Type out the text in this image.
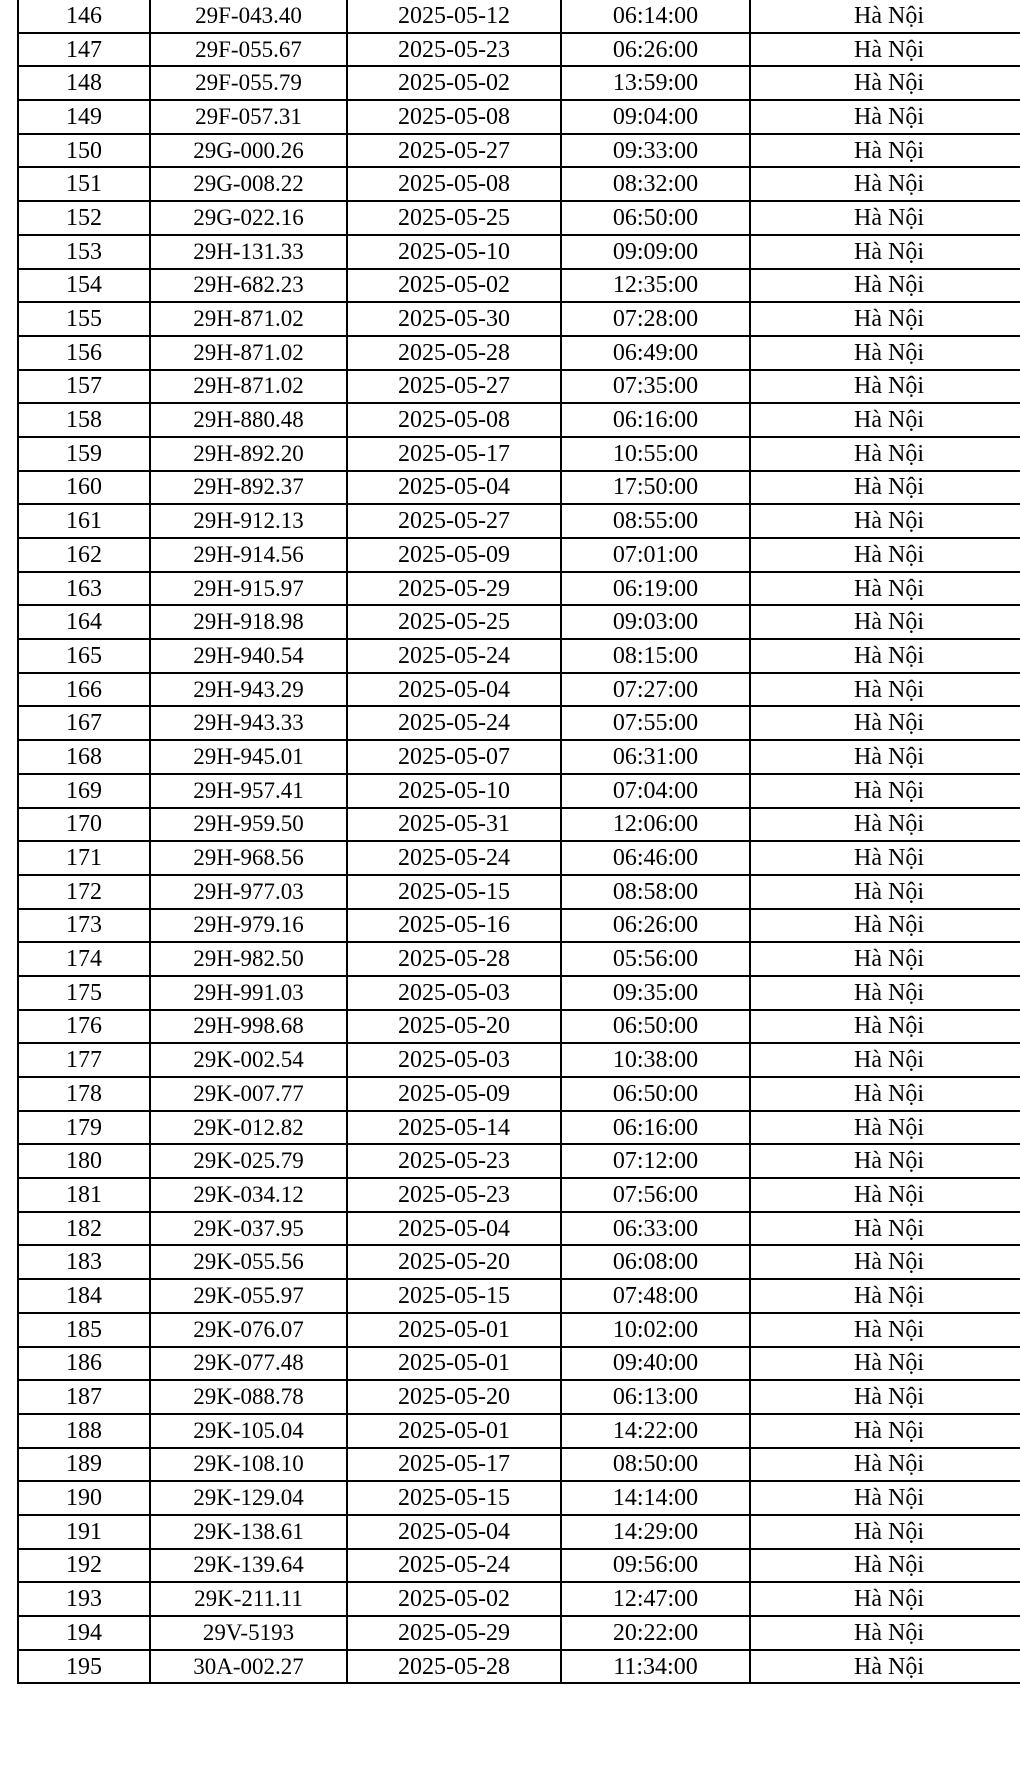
146	29F-043.40	2025-05-12	06:14:00	Hà Nội
147	29F-055.67	2025-05-23	06:26:00	Hà Nội
148	29F-055.79	2025-05-02	13:59:00	Hà Nội
149	29F-057.31	2025-05-08	09:04:00	Hà Nội
150	29G-000.26	2025-05-27	09:33:00	Hà Nội
151	29G-008.22	2025-05-08	08:32:00	Hà Nội
152	29G-022.16	2025-05-25	06:50:00	Hà Nội
153	29H-131.33	2025-05-10	09:09:00	Hà Nội
154	29H-682.23	2025-05-02	12:35:00	Hà Nội
155	29H-871.02	2025-05-30	07:28:00	Hà Nội
156	29H-871.02	2025-05-28	06:49:00	Hà Nội
157	29H-871.02	2025-05-27	07:35:00	Hà Nội
158	29H-880.48	2025-05-08	06:16:00	Hà Nội
159	29H-892.20	2025-05-17	10:55:00	Hà Nội
160	29H-892.37	2025-05-04	17:50:00	Hà Nội
161	29H-912.13	2025-05-27	08:55:00	Hà Nội
162	29H-914.56	2025-05-09	07:01:00	Hà Nội
163	29H-915.97	2025-05-29	06:19:00	Hà Nội
164	29H-918.98	2025-05-25	09:03:00	Hà Nội
165	29H-940.54	2025-05-24	08:15:00	Hà Nội
166	29H-943.29	2025-05-04	07:27:00	Hà Nội
167	29H-943.33	2025-05-24	07:55:00	Hà Nội
168	29H-945.01	2025-05-07	06:31:00	Hà Nội
169	29H-957.41	2025-05-10	07:04:00	Hà Nội
170	29H-959.50	2025-05-31	12:06:00	Hà Nội
171	29H-968.56	2025-05-24	06:46:00	Hà Nội
172	29H-977.03	2025-05-15	08:58:00	Hà Nội
173	29H-979.16	2025-05-16	06:26:00	Hà Nội
174	29H-982.50	2025-05-28	05:56:00	Hà Nội
175	29H-991.03	2025-05-03	09:35:00	Hà Nội
176	29H-998.68	2025-05-20	06:50:00	Hà Nội
177	29K-002.54	2025-05-03	10:38:00	Hà Nội
178	29K-007.77	2025-05-09	06:50:00	Hà Nội
179	29K-012.82	2025-05-14	06:16:00	Hà Nội
180	29K-025.79	2025-05-23	07:12:00	Hà Nội
181	29K-034.12	2025-05-23	07:56:00	Hà Nội
182	29K-037.95	2025-05-04	06:33:00	Hà Nội
183	29K-055.56	2025-05-20	06:08:00	Hà Nội
184	29K-055.97	2025-05-15	07:48:00	Hà Nội
185	29K-076.07	2025-05-01	10:02:00	Hà Nội
186	29K-077.48	2025-05-01	09:40:00	Hà Nội
187	29K-088.78	2025-05-20	06:13:00	Hà Nội
188	29K-105.04	2025-05-01	14:22:00	Hà Nội
189	29K-108.10	2025-05-17	08:50:00	Hà Nội
190	29K-129.04	2025-05-15	14:14:00	Hà Nội
191	29K-138.61	2025-05-04	14:29:00	Hà Nội
192	29K-139.64	2025-05-24	09:56:00	Hà Nội
193	29K-211.11	2025-05-02	12:47:00	Hà Nội
194	29V-5193	2025-05-29	20:22:00	Hà Nội
195	30A-002.27	2025-05-28	11:34:00	Hà Nội
